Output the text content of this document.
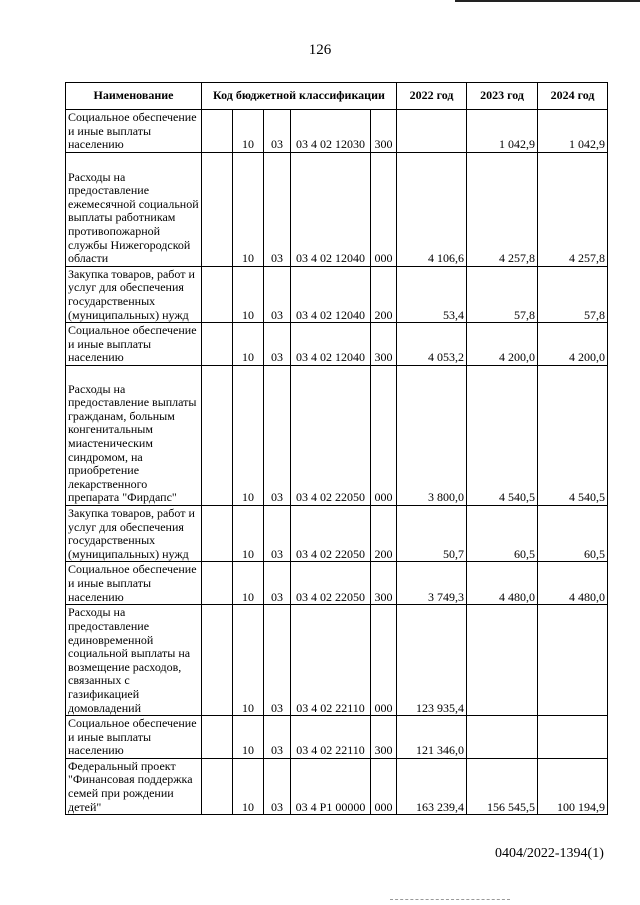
126
Наименование	Код бюджетной классификации					2022 год	2023 год	2024 год

Социальное обеспечение и иные выплаты населению		10	03	03 4 02 12030	300		1 042,9	1 042,9

Расходы на предоставление ежемесячной социальной выплаты работникам противопожарной службы Нижегородской области		10	03	03 4 02 12040	000	4 106,6	4 257,8	4 257,8

Закупка товаров, работ и услуг для обеспечения государственных (муниципальных) нужд		10	03	03 4 02 12040	200	53,4	57,8	57,8

Социальное обеспечение и иные выплаты населению		10	03	03 4 02 12040	300	4 053,2	4 200,0	4 200,0

Расходы на предоставление выплаты гражданам, больным конгенитальным миастеническим синдромом, на приобретение лекарственного препарата "Фирдапс"		10	03	03 4 02 22050	000	3 800,0	4 540,5	4 540,5

Закупка товаров, работ и услуг для обеспечения государственных (муниципальных) нужд		10	03	03 4 02 22050	200	50,7	60,5	60,5

Социальное обеспечение и иные выплаты населению		10	03	03 4 02 22050	300	3 749,3	4 480,0	4 480,0

Расходы на предоставление единовременной социальной выплаты на возмещение расходов, связанных с газификацией домовладений		10	03	03 4 02 22110	000	123 935,4		

Социальное обеспечение и иные выплаты населению		10	03	03 4 02 22110	300	121 346,0		

Федеральный проект "Финансовая поддержка семей при рождении детей"		10	03	03 4 Р1 00000	000	163 239,4	156 545,5	100 194,9
0404/2022-1394(1)
